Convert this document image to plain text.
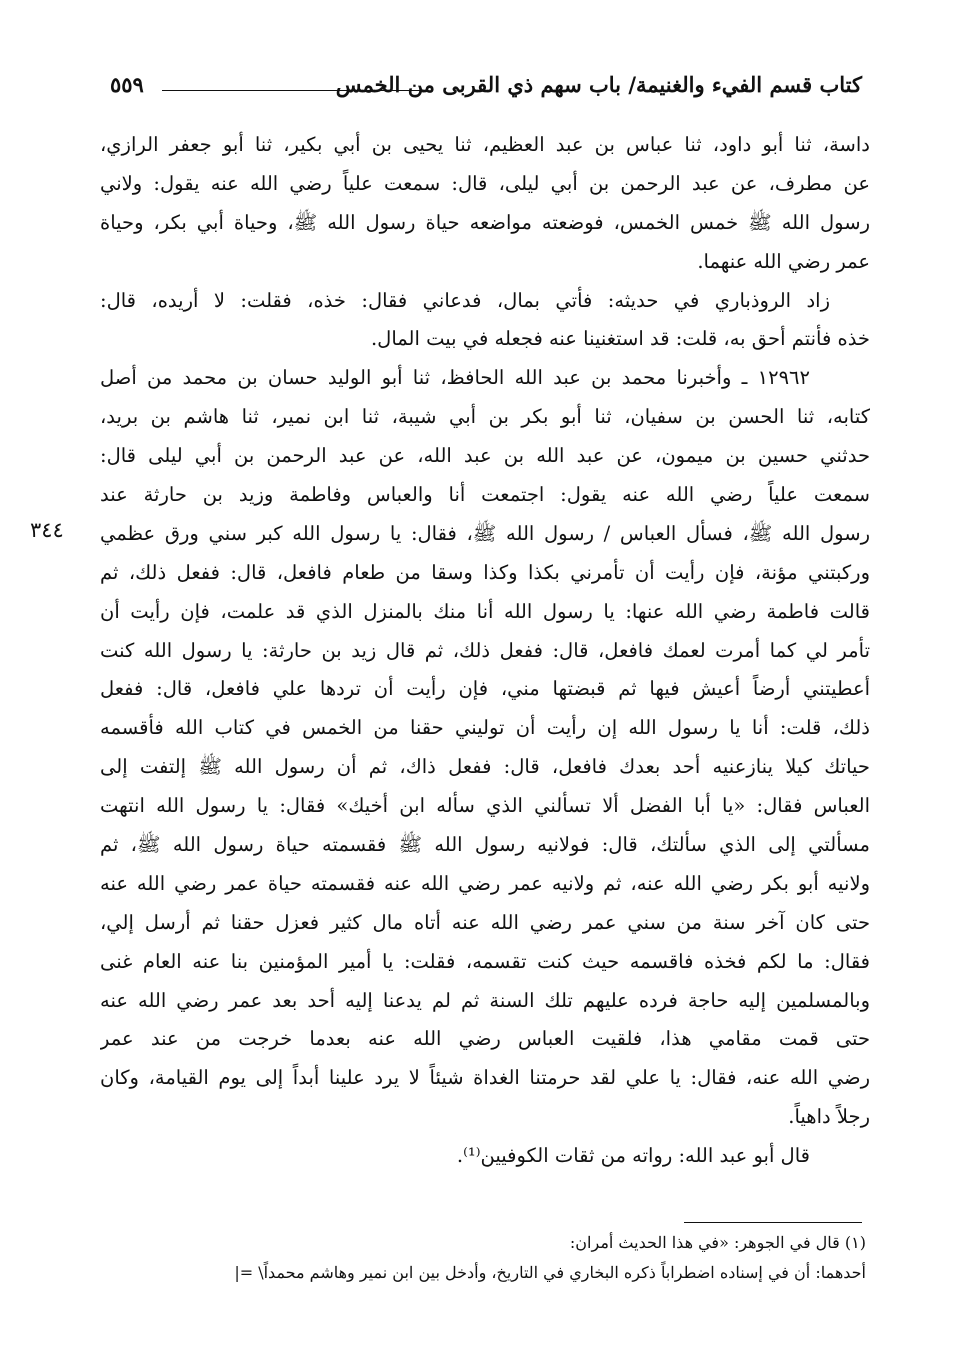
كتاب قسم الفيء والغنيمة/ باب سهم ذي القربى من الخمس
٥٥٩
٣٤٤
داسة، ثنا أبو داود، ثنا عباس بن عبد العظيم، ثنا يحيى بن أبي بكير، ثنا أبو جعفر الرازي،
عن مطرف، عن عبد الرحمن بن أبي ليلى، قال: سمعت علياً رضي الله عنه يقول: ولاني
رسول الله ﷺ خمس الخمس، فوضعته مواضعه حياة رسول الله ﷺ، وحياة أبي بكر، وحياة
عمر رضي الله عنهما.
زاد الروذباري في حديثه: فأتي بمال، فدعاني فقال: خذه، فقلت: لا أريده، قال:
خذه فأنتم أحق به، قلت: قد استغنينا عنه فجعله في بيت المال.
١٢٩٦٢ ـ وأخبرنا محمد بن عبد الله الحافظ، ثنا أبو الوليد حسان بن محمد من أصل
كتابه، ثنا الحسن بن سفيان، ثنا أبو بكر بن أبي شيبة، ثنا ابن نمير، ثنا هاشم بن بريد،
حدثني حسين بن ميمون، عن عبد الله بن عبد الله، عن عبد الرحمن بن أبي ليلى قال:
سمعت علياً رضي الله عنه يقول: اجتمعت أنا والعباس وفاطمة وزيد بن حارثة عند
رسول الله ﷺ، فسأل العباس / رسول الله ﷺ، فقال: يا رسول الله كبر سني ورق عظمي
وركبتني مؤنة، فإن رأيت أن تأمرني بكذا وكذا وسقا من طعام فافعل، قال: ففعل ذلك، ثم
قالت فاطمة رضي الله عنها: يا رسول الله أنا منك بالمنزل الذي قد علمت، فإن رأيت أن
تأمر لي كما أمرت لعمك فافعل، قال: ففعل ذلك، ثم قال زيد بن حارثة: يا رسول الله كنت
أعطيتني أرضاً أعيش فيها ثم قبضتها مني، فإن رأيت أن تردها علي فافعل، قال: ففعل
ذلك، قلت: أنا يا رسول الله إن رأيت أن توليني حقنا من الخمس في كتاب الله فأقسمه
حياتك كيلا ينازعنيه أحد بعدك فافعل، قال: ففعل ذاك، ثم أن رسول الله ﷺ إلتفت إلى
العباس فقال: «يا أبا الفضل ألا تسألني الذي سأله ابن أخيك» فقال: يا رسول الله انتهت
مسألتي إلى الذي سألتك، قال: فولانيه رسول الله ﷺ فقسمته حياة رسول الله ﷺ، ثم
ولانيه أبو بكر رضي الله عنه، ثم ولانيه عمر رضي الله عنه فقسمته حياة عمر رضي الله عنه
حتى كان آخر سنة من سني عمر رضي الله عنه أتاه مال كثير فعزل حقنا ثم أرسل إلي،
فقال: ما لكم فخذه فاقسمه حيث كنت تقسمه، فقلت: يا أمير المؤمنين بنا عنه العام غنى
وبالمسلمين إليه حاجة فرده عليهم تلك السنة ثم لم يدعنا إليه أحد بعد عمر رضي الله عنه
حتى قمت مقامي هذا، فلقيت العباس رضي الله عنه بعدما خرجت من عند عمر
رضي الله عنه، فقال: يا علي لقد حرمتنا الغداة شيئاً لا يرد علينا أبداً إلى يوم القيامة، وكان
رجلاً داهياً.
قال أبو عبد الله: رواته من ثقات الكوفيين⁽¹⁾.
(١) قال في الجوهر: «في هذا الحديث أمران:
أحدهما: أن في إسناده اضطراباً ذكره البخاري في التاريخ، وأدخل بين ابن نمير وهاشم محمداً\ =|
